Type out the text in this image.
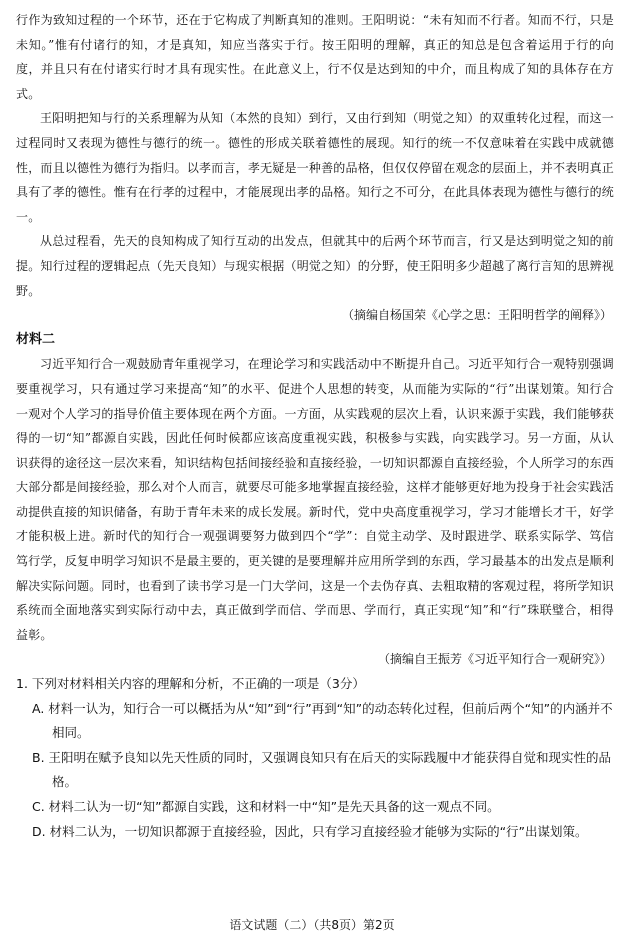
行作为致知过程的一个环节，还在于它构成了判断真知的准则。王阳明说：“未有知而不行者。知而不行，只是未知。”惟有付诸行的知，才是真知，知应当落实于行。按王阳明的理解，真正的知总是包含着运用于行的向度，并且只有在付诸实行时才具有现实性。在此意义上，行不仅是达到知的中介，而且构成了知的具体存在方式。

王阳明把知与行的关系理解为从知（本然的良知）到行，又由行到知（明觉之知）的双重转化过程，而这一过程同时又表现为德性与德行的统一。德性的形成关联着德性的展现。知行的统一不仅意味着在实践中成就德性，而且以德性为德行为指归。以孝而言，孝无疑是一种善的品格，但仅仅停留在观念的层面上，并不表明真正具有了孝的德性。惟有在行孝的过程中，才能展现出孝的品格。知行之不可分，在此具体表现为德性与德行的统一。

从总过程看，先天的良知构成了知行互动的出发点，但就其中的后两个环节而言，行又是达到明觉之知的前提。知行过程的逻辑起点（先天良知）与现实根据（明觉之知）的分野，使王阳明多少超越了离行言知的思辨视野。

（摘编自杨国荣《心学之思：王阳明哲学的阐释》）

材料二

习近平知行合一观鼓励青年重视学习，在理论学习和实践活动中不断提升自己。习近平知行合一观特别强调要重视学习，只有通过学习来提高“知”的水平、促进个人思想的转变，从而能为实际的“行”出谋划策。知行合一观对个人学习的指导价值主要体现在两个方面。一方面，从实践观的层次上看，认识来源于实践，我们能够获得的一切“知”都源自实践，因此任何时候都应该高度重视实践，积极参与实践，向实践学习。另一方面，从认识获得的途径这一层次来看，知识结构包括间接经验和直接经验，一切知识都源自直接经验，个人所学习的东西大部分都是间接经验，那么对个人而言，就要尽可能多地掌握直接经验，这样才能够更好地为投身于社会实践活动提供直接的知识储备，有助于青年未来的成长发展。新时代，党中央高度重视学习，学习才能增长才干，好学才能积极上进。新时代的知行合一观强调要努力做到四个“学”：自觉主动学、及时跟进学、联系实际学、笃信笃行学，反复申明学习知识不是最主要的，更关键的是要理解并应用所学到的东西，学习最基本的出发点是顺利解决实际问题。同时，也看到了读书学习是一门大学问，这是一个去伪存真、去粗取精的客观过程，将所学知识系统而全面地落实到实际行动中去，真正做到学而信、学而思、学而行，真正实现“知”和“行”珠联璧合，相得益彰。

（摘编自王振芳《习近平知行合一观研究》）

1. 下列对材料相关内容的理解和分析，不正确的一项是（3分）

A. 材料一认为，知行合一可以概括为从“知”到“行”再到“知”的动态转化过程，但前后两个“知”的内涵并不相同。

B. 王阳明在赋予良知以先天性质的同时，又强调良知只有在后天的实际践履中才能获得自觉和现实性的品格。

C. 材料二认为一切“知”都源自实践，这和材料一中“知”是先天具备的这一观点不同。

D. 材料二认为，一切知识都源于直接经验，因此，只有学习直接经验才能够为实际的“行”出谋划策。

语文试题（二）（共8页）第2页
